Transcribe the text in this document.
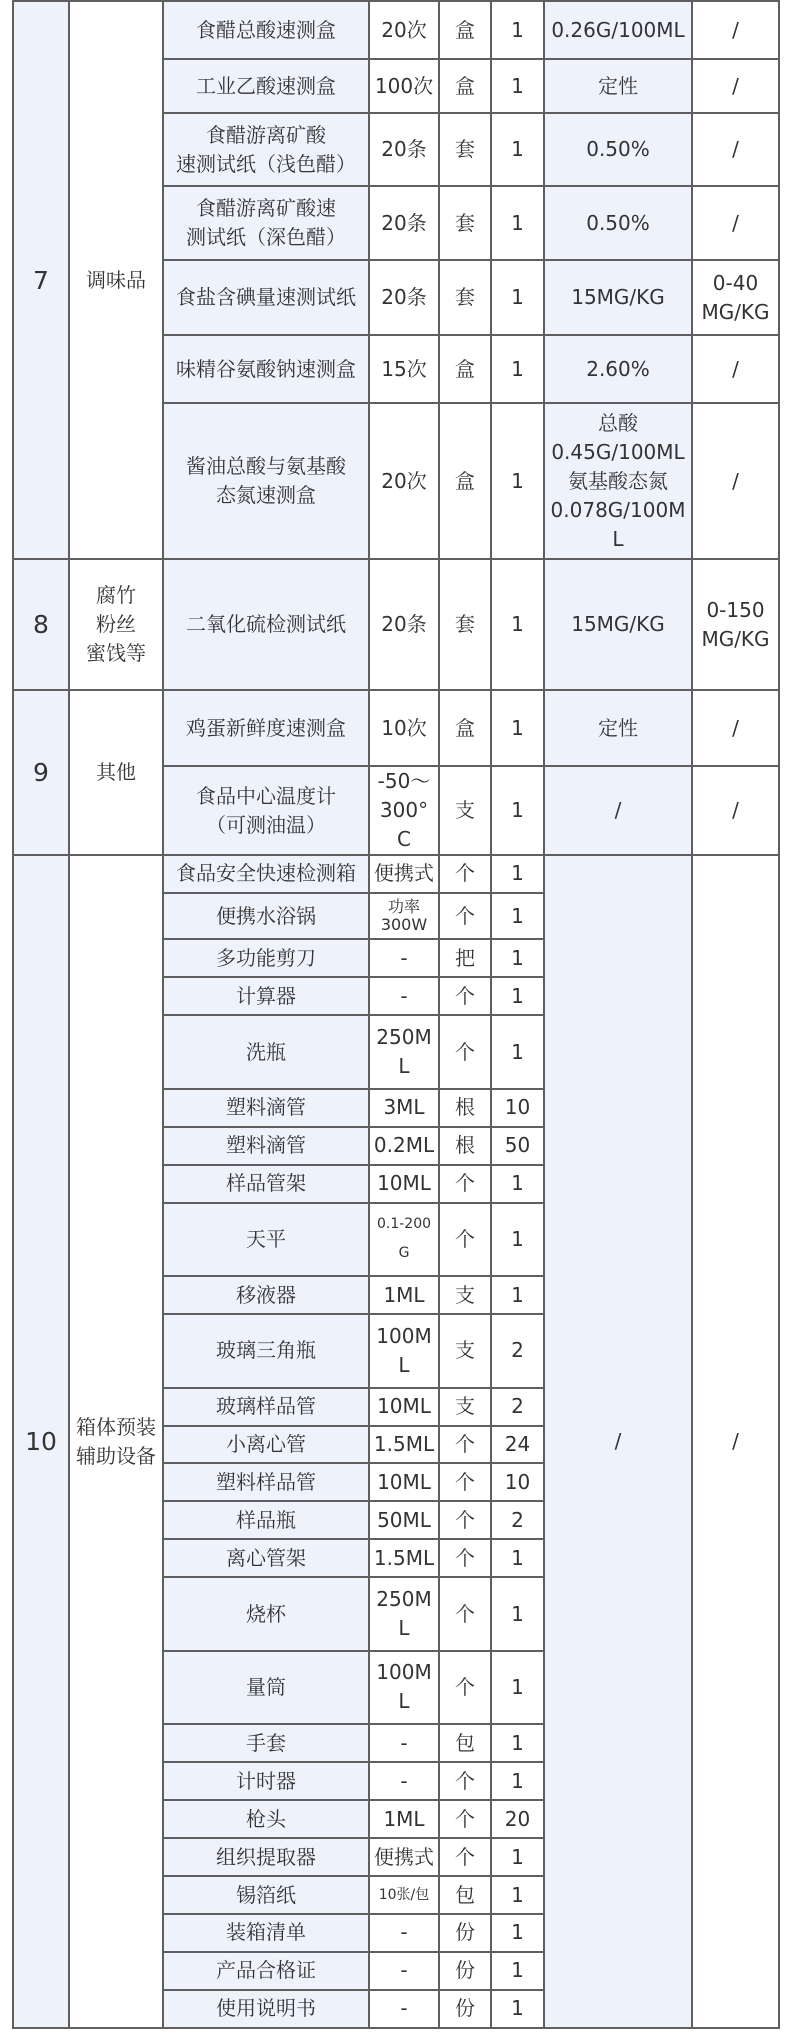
7	调味品	食醋总酸速测盒	20次	盒	1	0.26G/100ML	/
		工业乙酸速测盒	100次	盒	1	定性	/

		食醋游离矿酸
速测试纸（浅色醋）	20条	套	1	0.50%	/

		食醋游离矿酸速
测试纸（深色醋）	20条	套	1	0.50%	/
		食盐含碘量速测试纸	20条	套	1	15MG/KG	0-40
MG/KG

		味精谷氨酸钠速测盒	15次	盒	1	2.60%	/

		酱油总酸与氨基酸
态氮速测盒	20次	盒	1	总酸
0.45G/100ML
氨基酸态氮
0.078G/100ML	/
8	腐竹
粉丝
蜜饯等	二氧化硫检测试纸	20条	套	1	15MG/KG	0-150
MG/KG

9	其他	鸡蛋新鲜度速测盒	10次	盒	1	定性	/

		食品中心温度计
（可测油温）	-50～
300°C	支	1	/	/
10	箱体预装
辅助设备	食品安全快速检测箱	便携式	个	1	/	/
		便携水浴锅	功率
300W	个	1		
		多功能剪刀	-	把	1		
		计算器	-	个	1		
		洗瓶	250ML	个	1		
		塑料滴管	3ML	根	10		
		塑料滴管	0.2ML	根	50		
		样品管架	10ML	个	1		
		天平	0.1-200G	个	1		
		移液器	1ML	支	1		
		玻璃三角瓶	100ML	支	2		
		玻璃样品管	10ML	支	2		
		小离心管	1.5ML	个	24		
		塑料样品管	10ML	个	10		
		样品瓶	50ML	个	2		
		离心管架	1.5ML	个	1		
		烧杯	250ML	个	1		
		量筒	100ML	个	1		
		手套	-	包	1		
		计时器	-	个	1		
		枪头	1ML	个	20		
		组织提取器	便携式	个	1		
		锡箔纸	10张/包	包	1		
		装箱清单	-	份	1		
		产品合格证	-	份	1		
		使用说明书	-	份	1		
